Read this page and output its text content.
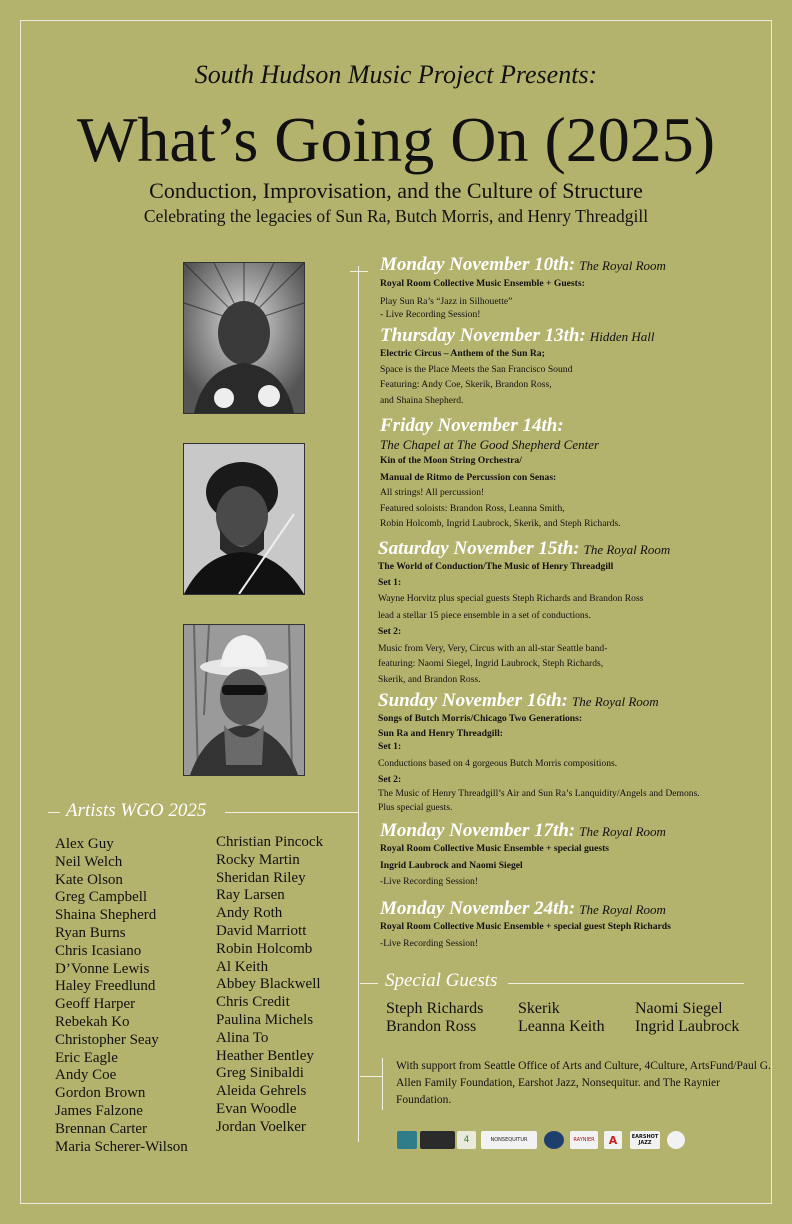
South Hudson Music Project Presents:
What’s Going On (2025)
Conduction, Improvisation, and the Culture of Structure
Celebrating the legacies of Sun Ra, Butch Morris, and Henry Threadgill
Artists WGO 2025
Alex Guy
Neil Welch
Kate Olson
Greg Campbell
Shaina Shepherd
Ryan Burns
Chris Icasiano
D’Vonne Lewis
Haley Freedlund
Geoff Harper
Rebekah Ko
Christopher Seay
Eric Eagle
Andy Coe
Gordon Brown
James Falzone
Brennan Carter
Maria Scherer-Wilson
Christian Pincock
Rocky Martin
Sheridan Riley
Ray Larsen
Andy Roth
David Marriott
Robin Holcomb
Al Keith
Abbey Blackwell
Chris Credit
Paulina Michels
Alina To
Heather Bentley
Greg Sinibaldi
Aleida Gehrels
Evan Woodle
Jordan Voelker
Monday November 10th: The Royal Room
Royal Room Collective Music Ensemble + Guests:
Play Sun Ra’s “Jazz in Silhouette”
- Live Recording Session!
Thursday November 13th: Hidden Hall
Electric Circus – Anthem of the Sun Ra;
Space is the Place Meets the San Francisco Sound
Featuring: Andy Coe, Skerik, Brandon Ross,
and Shaina Shepherd.
Friday November 14th:
The Chapel at The Good Shepherd Center
Kin of the Moon String Orchestra/
Manual de Ritmo de Percussion con Senas:
All strings! All percussion!
Featured soloists: Brandon Ross, Leanna Smith,
Robin Holcomb, Ingrid Laubrock, Skerik, and Steph Richards.
Saturday November 15th: The Royal Room
The World of Conduction/The Music of Henry Threadgill
Set 1:
Wayne Horvitz plus special guests Steph Richards and Brandon Ross
lead a stellar 15 piece ensemble in a set of conductions.
Set 2:
Music from Very, Very, Circus with an all-star Seattle band-
featuring: Naomi Siegel, Ingrid Laubrock, Steph Richards,
Skerik, and Brandon Ross.
Sunday November 16th: The Royal Room
Songs of Butch Morris/Chicago Two Generations:
Sun Ra and Henry Threadgill:
Set 1:
Conductions based on 4 gorgeous Butch Morris compositions.
Set 2:
The Music of Henry Threadgill’s Air and Sun Ra’s Lanquidity/Angels and Demons.
Plus special guests.
Monday November 17th: The Royal Room
Royal Room Collective Music Ensemble + special guests
Ingrid Laubrock and Naomi Siegel
-Live Recording Session!
Monday November 24th: The Royal Room
Royal Room Collective Music Ensemble + special guest Steph Richards
-Live Recording Session!
Special Guests
Steph Richards
Brandon Ross
Skerik
Leanna Keith
Naomi Siegel
Ingrid Laubrock
With support from Seattle Office of Arts and Culture, 4Culture, ArtsFund/Paul G. Allen Family Foundation, Earshot Jazz, Nonsequitur. and The Raynier Foundation.
4	NONSEQUITUR	RAYNIER	A	EARSHOT JAZZ
